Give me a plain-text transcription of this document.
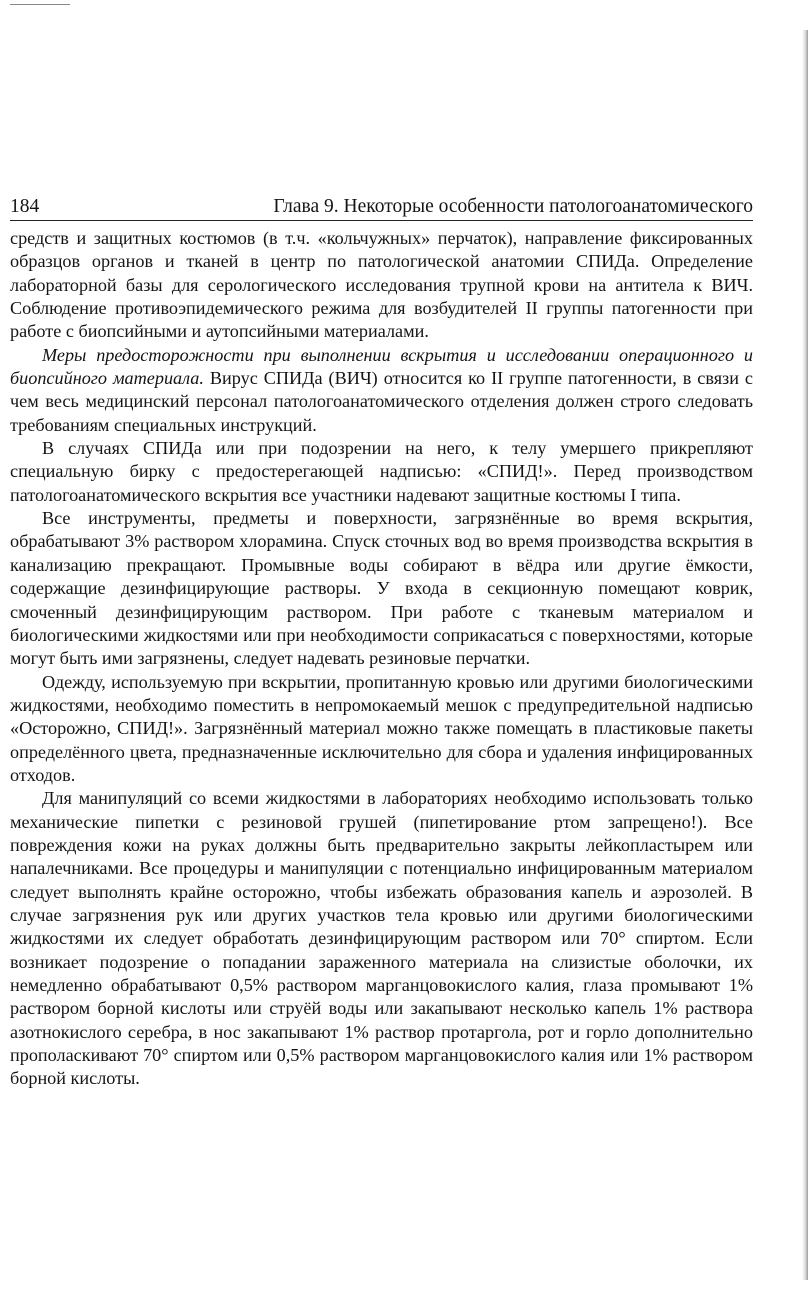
184	Глава 9. Некоторые особенности патологоанатомического

средств и защитных костюмов (в т.ч. «кольчужных» перчаток), направление фиксированных образцов органов и тканей в центр по патологической анатомии СПИДа. Определение лабораторной базы для серологического исследования трупной крови на антитела к ВИЧ. Соблюдение противоэпидемического режима для возбудителей II группы патогенности при работе с биопсийными и аутопсийными материалами.

Меры предосторожности при выполнении вскрытия и исследовании операционного и биопсийного материала. Вирус СПИДа (ВИЧ) относится ко II группе патогенности, в связи с чем весь медицинский персонал патологоанатомического отделения должен строго следовать требованиям специальных инструкций.

В случаях СПИДа или при подозрении на него, к телу умершего прикрепляют специальную бирку с предостерегающей надписью: «СПИД!». Перед производством патологоанатомического вскрытия все участники надевают защитные костюмы I типа.

Все инструменты, предметы и поверхности, загрязнённые во время вскрытия, обрабатывают 3% раствором хлорамина. Спуск сточных вод во время производства вскрытия в канализацию прекращают. Промывные воды собирают в вёдра или другие ёмкости, содержащие дезинфицирующие растворы. У входа в секционную помещают коврик, смоченный дезинфицирующим раствором. При работе с тканевым материалом и биологическими жидкостями или при необходимости соприкасаться с поверхностями, которые могут быть ими загрязнены, следует надевать резиновые перчатки.

Одежду, используемую при вскрытии, пропитанную кровью или другими биологическими жидкостями, необходимо поместить в непромокаемый мешок с предупредительной надписью «Осторожно, СПИД!». Загрязнённый материал можно также помещать в пластиковые пакеты определённого цвета, предназначенные исключительно для сбора и удаления инфицированных отходов.

Для манипуляций со всеми жидкостями в лабораториях необходимо использовать только механические пипетки с резиновой грушей (пипетирование ртом запрещено!). Все повреждения кожи на руках должны быть предварительно закрыты лейкопластырем или напалечниками. Все процедуры и манипуляции с потенциально инфицированным материалом следует выполнять крайне осторожно, чтобы избежать образования капель и аэрозолей. В случае загрязнения рук или других участков тела кровью или другими биологическими жидкостями их следует обработать дезинфицирующим раствором или 70° спиртом. Если возникает подозрение о попадании зараженного материала на слизистые оболочки, их немедленно обрабатывают 0,5% раствором марганцовокислого калия, глаза промывают 1% раствором борной кислоты или струёй воды или закапывают несколько капель 1% раствора азотнокислого серебра, в нос закапывают 1% раствор протаргола, рот и горло дополнительно прополаскивают 70° спиртом или 0,5% раствором марганцовокислого калия или 1% раствором борной кислоты.
